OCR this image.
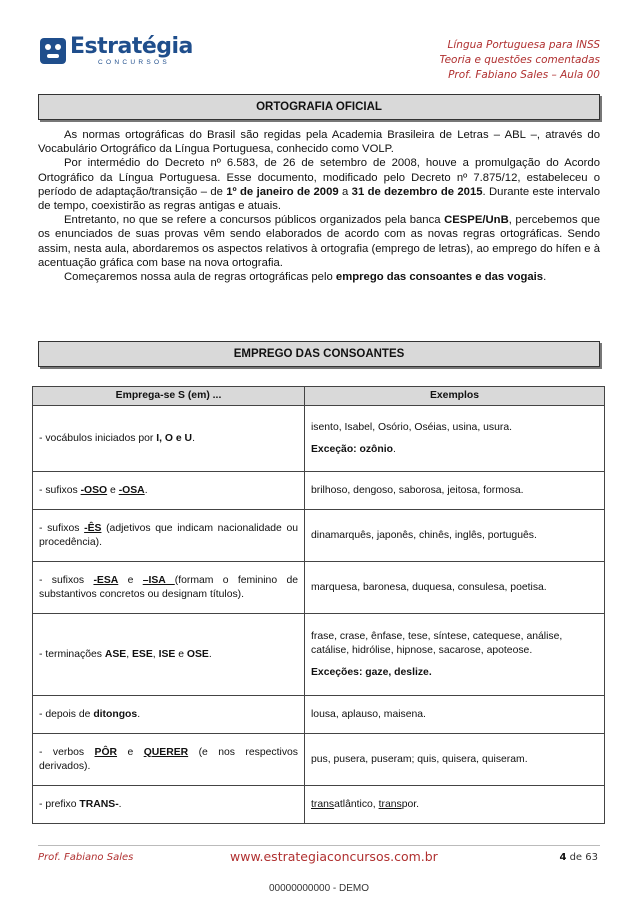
Estratégia
CONCURSOS
Língua Portuguesa para INSS
Teoria e questões comentadas
Prof. Fabiano Sales – Aula 00
ORTOGRAFIA OFICIAL

As normas ortográficas do Brasil são regidas pela Academia Brasileira de Letras – ABL –, através do Vocabulário Ortográfico da Língua Portuguesa, conhecido como VOLP.

Por intermédio do Decreto nº 6.583, de 26 de setembro de 2008, houve a promulgação do Acordo Ortográfico da Língua Portuguesa. Esse documento, modificado pelo Decreto nº 7.875/12, estabeleceu o período de adaptação/transição – de 1º de janeiro de 2009 a 31 de dezembro de 2015. Durante este intervalo de tempo, coexistirão as regras antigas e atuais.

Entretanto, no que se refere a concursos públicos organizados pela banca CESPE/UnB, percebemos que os enunciados de suas provas vêm sendo elaborados de acordo com as novas regras ortográficas. Sendo assim, nesta aula, abordaremos os aspectos relativos à ortografia (emprego de letras), ao emprego do hífen e à acentuação gráfica com base na nova ortografia.

Começaremos nossa aula de regras ortográficas pelo emprego das consoantes e das vogais.

EMPREGO DAS CONSOANTES
Emprega-se S (em) ...	Exemplos
- vocábulos iniciados por I, O e U.	isento, Isabel, Osório, Oséias, usina, usura.
Exceção: ozônio.

- sufixos -OSO e -OSA.	brilhoso, dengoso, saborosa, jeitosa, formosa.
- sufixos -ÊS (adjetivos que indicam nacionalidade ou procedência).	dinamarquês, japonês, chinês, inglês, português.
- sufixos -ESA e –ISA (formam o feminino de substantivos concretos ou designam títulos).	marquesa, baronesa, duquesa, consulesa, poetisa.
- terminações ASE, ESE, ISE e OSE.	frase, crase, ênfase, tese, síntese, catequese, análise, catálise, hidrólise, hipnose, sacarose, apoteose.
Exceções: gaze, deslize.

- depois de ditongos.	lousa, aplauso, maisena.
- verbos PÔR e QUERER (e nos respectivos derivados).	pus, pusera, puseram; quis, quisera, quiseram.
- prefixo TRANS-.	transatlântico, transpor.
Prof. Fabiano Sales	www.estrategiaconcursos.com.br	4 de 63
00000000000 - DEMO
